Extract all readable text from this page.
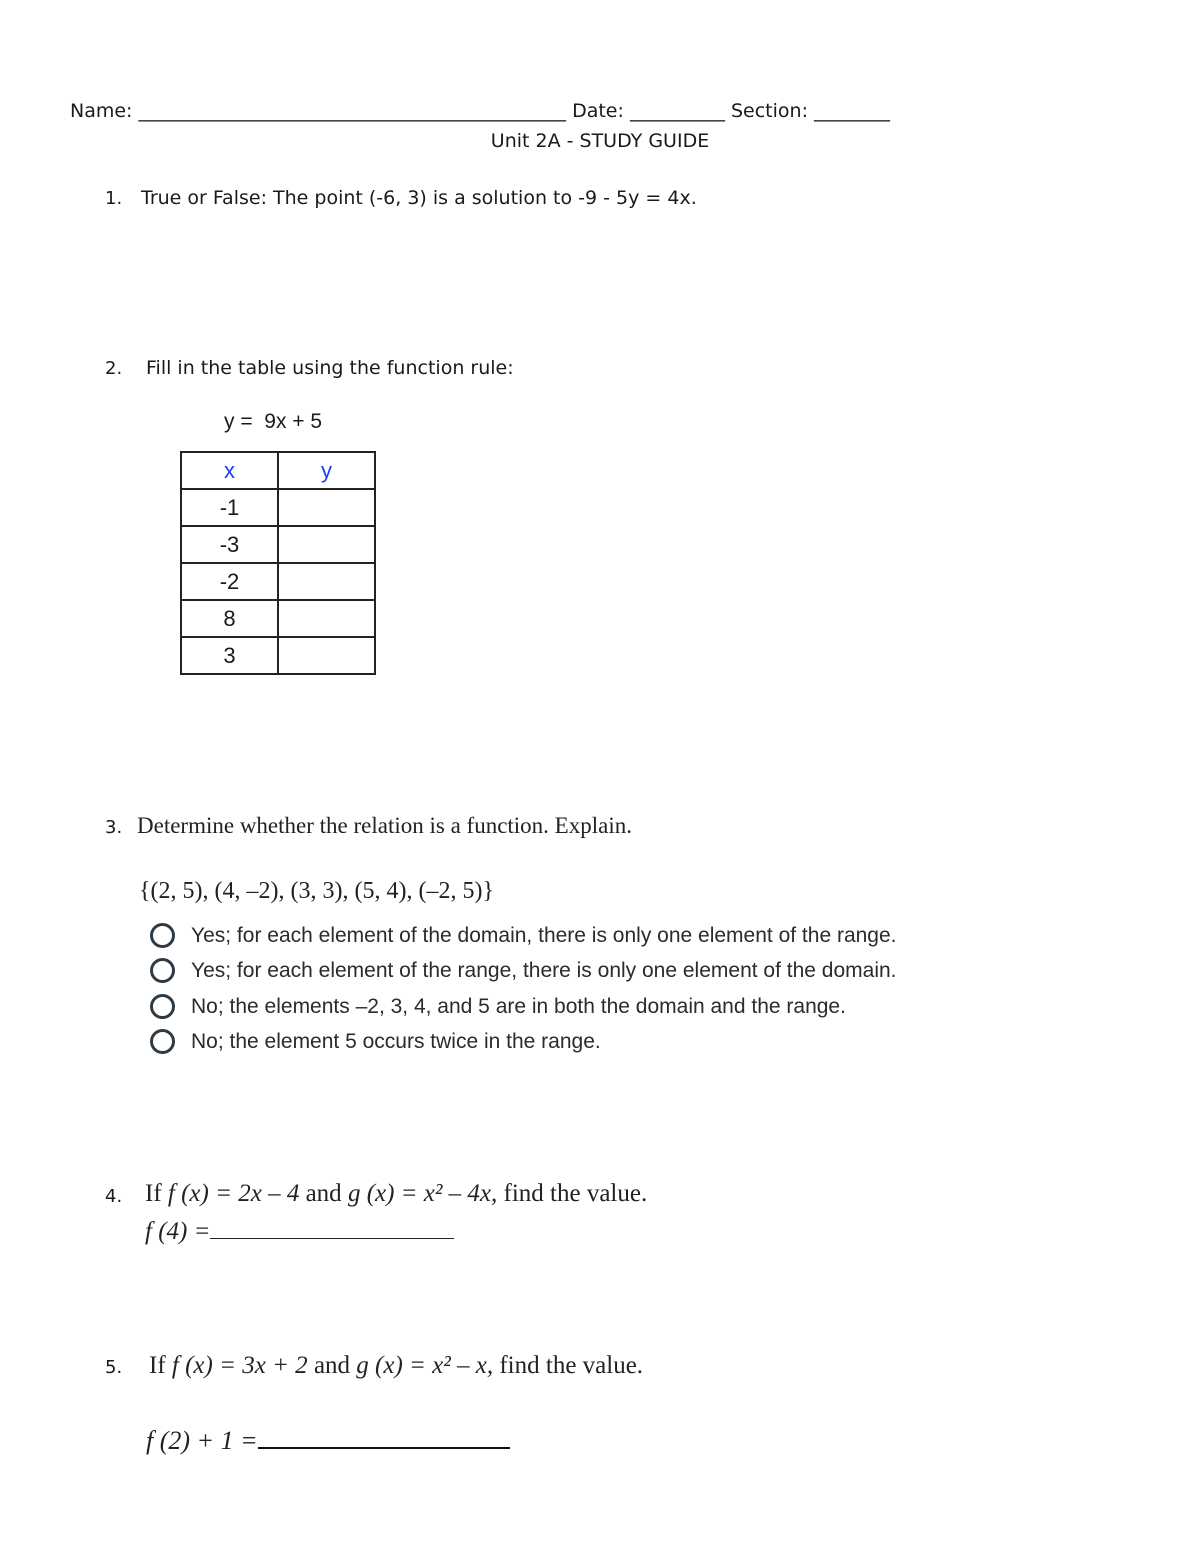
Name: _____________________________________________ Date: __________ Section: ________
Unit 2A - STUDY GUIDE
1. True or False: The point (-6, 3) is a solution to -9 - 5y = 4x.
2. Fill in the table using the function rule:
y =  9x + 5
x	y
-1	
-3	
-2	
8	
3	
3. Determine whether the relation is a function. Explain.
{(2, 5), (4, –2), (3, 3), (5, 4), (–2, 5)}
Yes; for each element of the domain, there is only one element of the range.
Yes; for each element of the range, there is only one element of the domain.
No; the elements –2, 3, 4, and 5 are in both the domain and the range.
No; the element 5 occurs twice in the range.
4. If f (x) = 2x – 4 and g (x) = x² – 4x, find the value.
f (4) =
5. If f (x) = 3x + 2 and g (x) = x² – x, find the value.
f (2) + 1 =
